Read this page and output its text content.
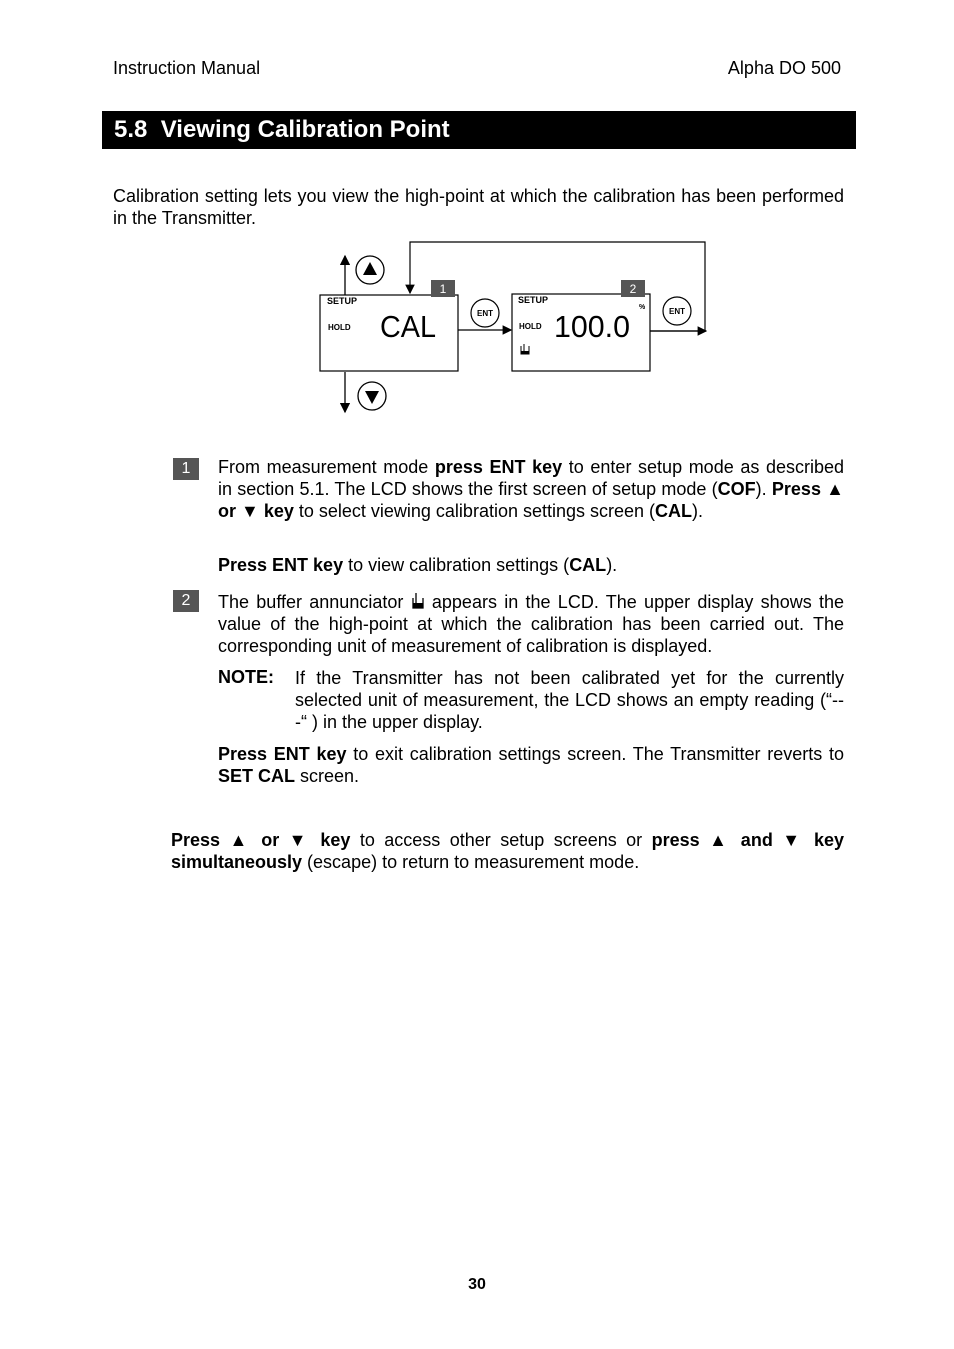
Instruction Manual	Alpha DO 500
5.8 Viewing Calibration Point
Calibration setting lets you view the high-point at which the calibration has been performed in the Transmitter.
1
SETUP
HOLD CAL	ENT
2
SETUP
%
HOLD 100.0	ENT
1	From measurement mode press ENT key to enter setup mode as described in section 5.1. The LCD shows the first screen of setup mode (COF). Press ▲ or ▼ key to select viewing calibration settings screen (CAL).
Press ENT key to view calibration settings (CAL).
2	The buffer annunciator  appears in the LCD. The upper display shows the value of the high-point at which the calibration has been carried out. The corresponding unit of measurement of calibration is displayed.
NOTE: If the Transmitter has not been calibrated yet for the currently selected unit of measurement, the LCD shows an empty reading (“---“ ) in the upper display.
Press ENT key to exit calibration settings screen. The Transmitter reverts to SET CAL screen.
Press ▲ or ▼ key to access other setup screens or press ▲ and ▼ key simultaneously (escape) to return to measurement mode.
30
